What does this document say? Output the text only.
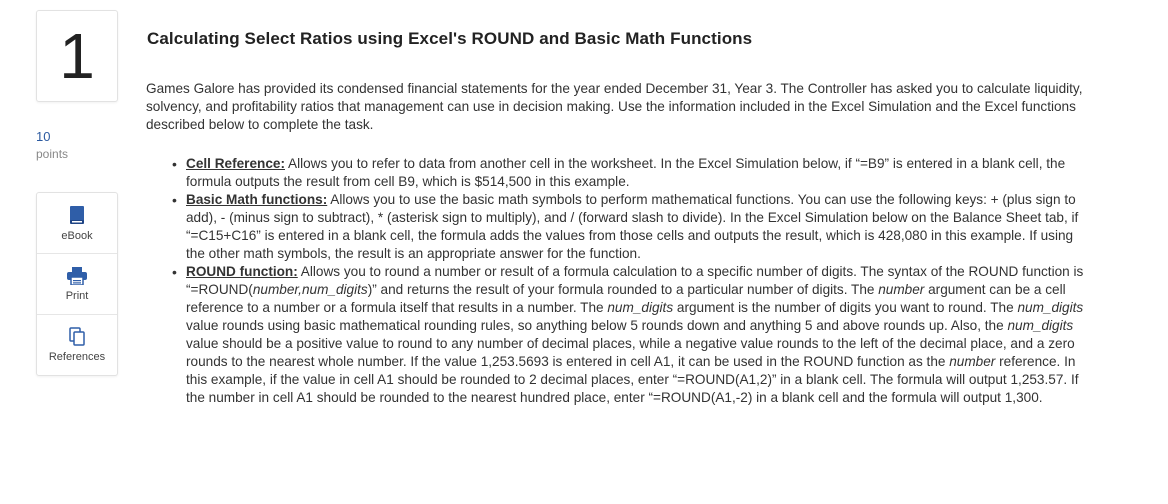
1
10
points
eBook
Print
References
Calculating Select Ratios using Excel's ROUND and Basic Math Functions

Games Galore has provided its condensed financial statements for the year ended December 31, Year 3. The Controller has asked you to calculate liquidity, solvency, and profitability ratios that management can use in decision making. Use the information included in the Excel Simulation and the Excel functions described below to complete the task.

• Cell Reference: Allows you to refer to data from another cell in the worksheet. In the Excel Simulation below, if “=B9” is entered in a blank cell, the formula outputs the result from cell B9, which is $514,500 in this example.
• Basic Math functions: Allows you to use the basic math symbols to perform mathematical functions. You can use the following keys: + (plus sign to add), - (minus sign to subtract), * (asterisk sign to multiply), and / (forward slash to divide). In the Excel Simulation below on the Balance Sheet tab, if “=C15+C16” is entered in a blank cell, the formula adds the values from those cells and outputs the result, which is 428,080 in this example. If using the other math symbols, the result is an appropriate answer for the function.
• ROUND function: Allows you to round a number or result of a formula calculation to a specific number of digits. The syntax of the ROUND function is “=ROUND(number,num_digits)” and returns the result of your formula rounded to a particular number of digits. The number argument can be a cell reference to a number or a formula itself that results in a number. The num_digits argument is the number of digits you want to round. The num_digits value rounds using basic mathematical rounding rules, so anything below 5 rounds down and anything 5 and above rounds up. Also, the num_digits value should be a positive value to round to any number of decimal places, while a negative value rounds to the left of the decimal place, and a zero rounds to the nearest whole number. If the value 1,253.5693 is entered in cell A1, it can be used in the ROUND function as the number reference. In this example, if the value in cell A1 should be rounded to 2 decimal places, enter “=ROUND(A1,2)” in a blank cell. The formula will output 1,253.57. If the number in cell A1 should be rounded to the nearest hundred place, enter “=ROUND(A1,-2) in a blank cell and the formula will output 1,300.
